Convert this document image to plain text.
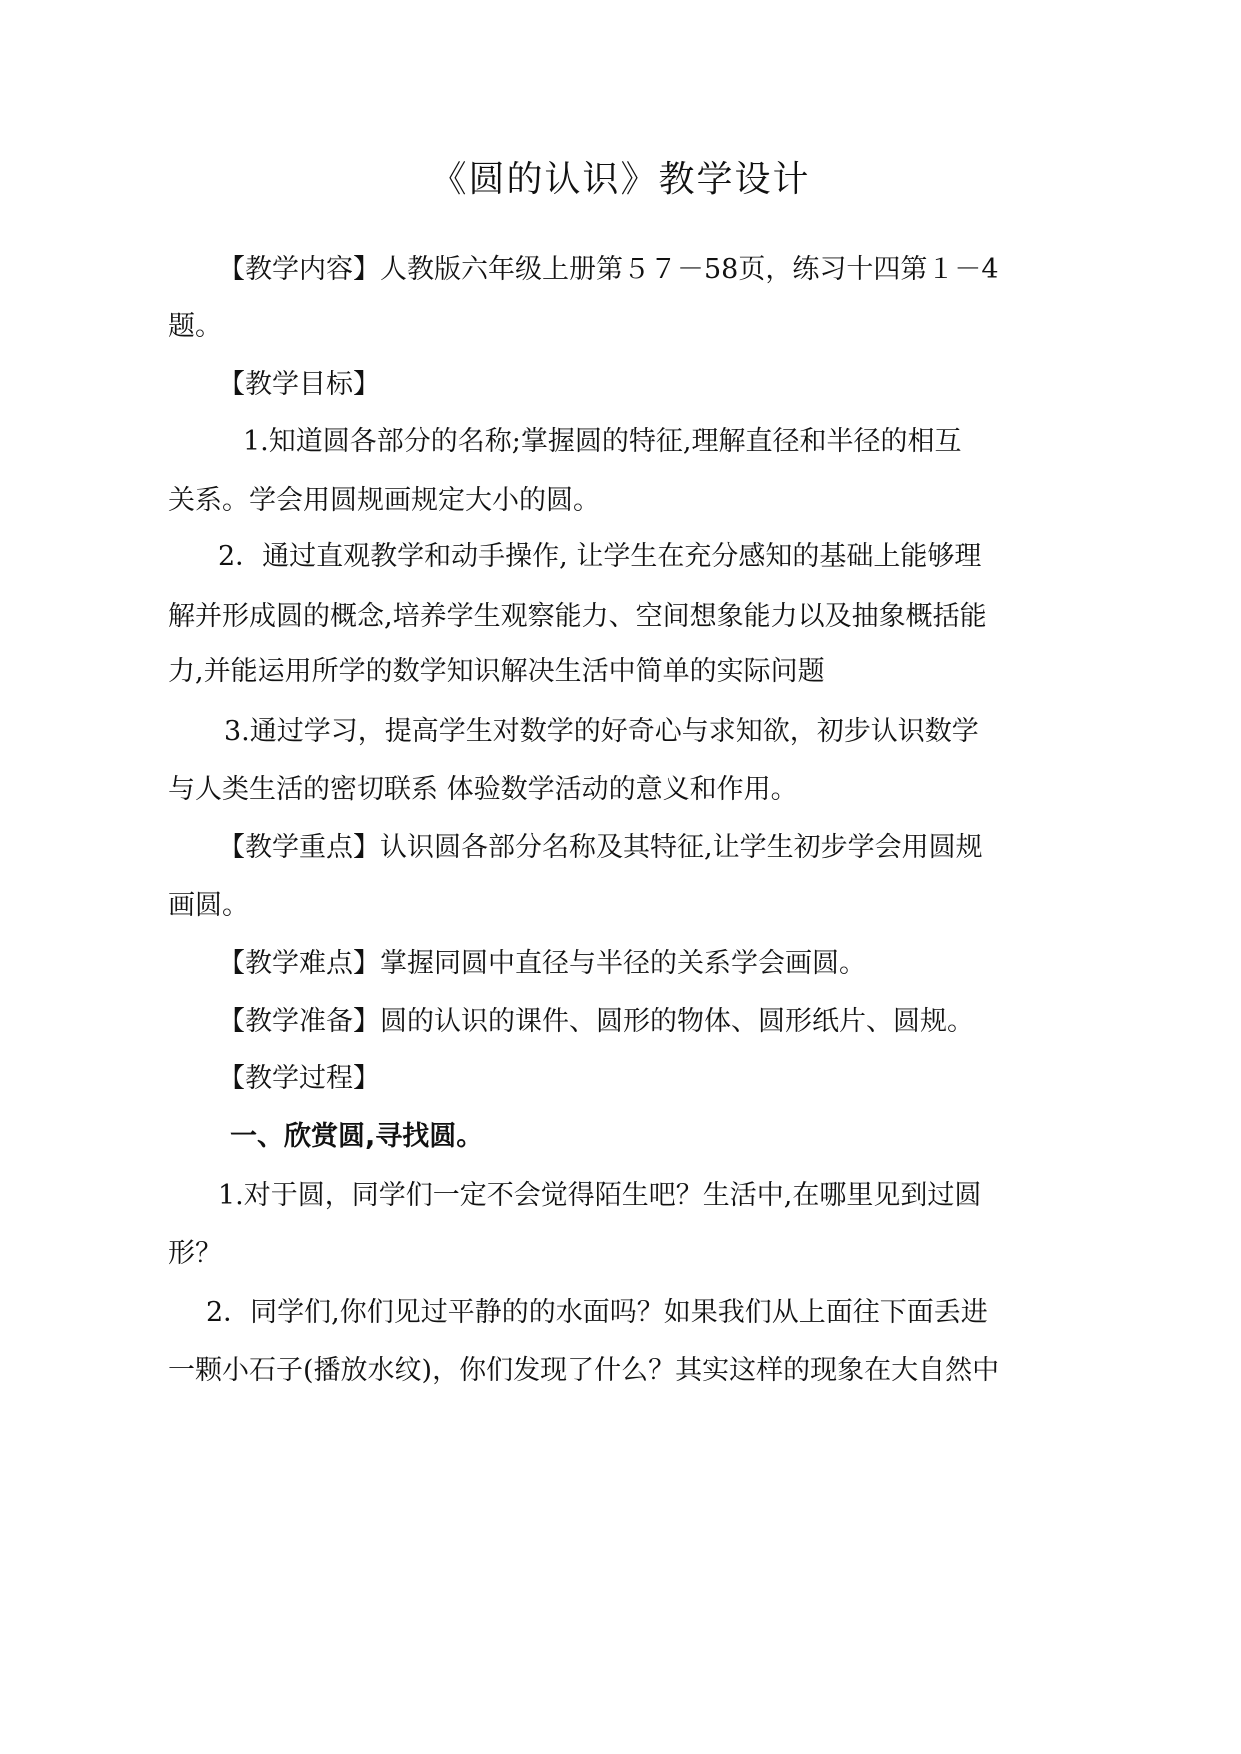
《圆的认识》教学设计
【教学内容】人教版六年级上册第５７－58页，练习十四第１－4
题。
【教学目标】
1.知道圆各部分的名称;掌握圆的特征,理解直径和半径的相互
关系。学会用圆规画规定大小的圆。
2．通过直观教学和动手操作, 让学生在充分感知的基础上能够理
解并形成圆的概念,培养学生观察能力、空间想象能力以及抽象概括能
力,并能运用所学的数学知识解决生活中简单的实际问题
3.通过学习，提高学生对数学的好奇心与求知欲，初步认识数学
与人类生活的密切联系 体验数学活动的意义和作用。
【教学重点】认识圆各部分名称及其特征,让学生初步学会用圆规
画圆。
【教学难点】掌握同圆中直径与半径的关系学会画圆。
【教学准备】圆的认识的课件、圆形的物体、圆形纸片、圆规。
【教学过程】
一、欣赏圆,寻找圆。
1.对于圆，同学们一定不会觉得陌生吧？生活中,在哪里见到过圆
形？
2．同学们,你们见过平静的的水面吗？如果我们从上面往下面丢进
一颗小石子(播放水纹)，你们发现了什么？其实这样的现象在大自然中
